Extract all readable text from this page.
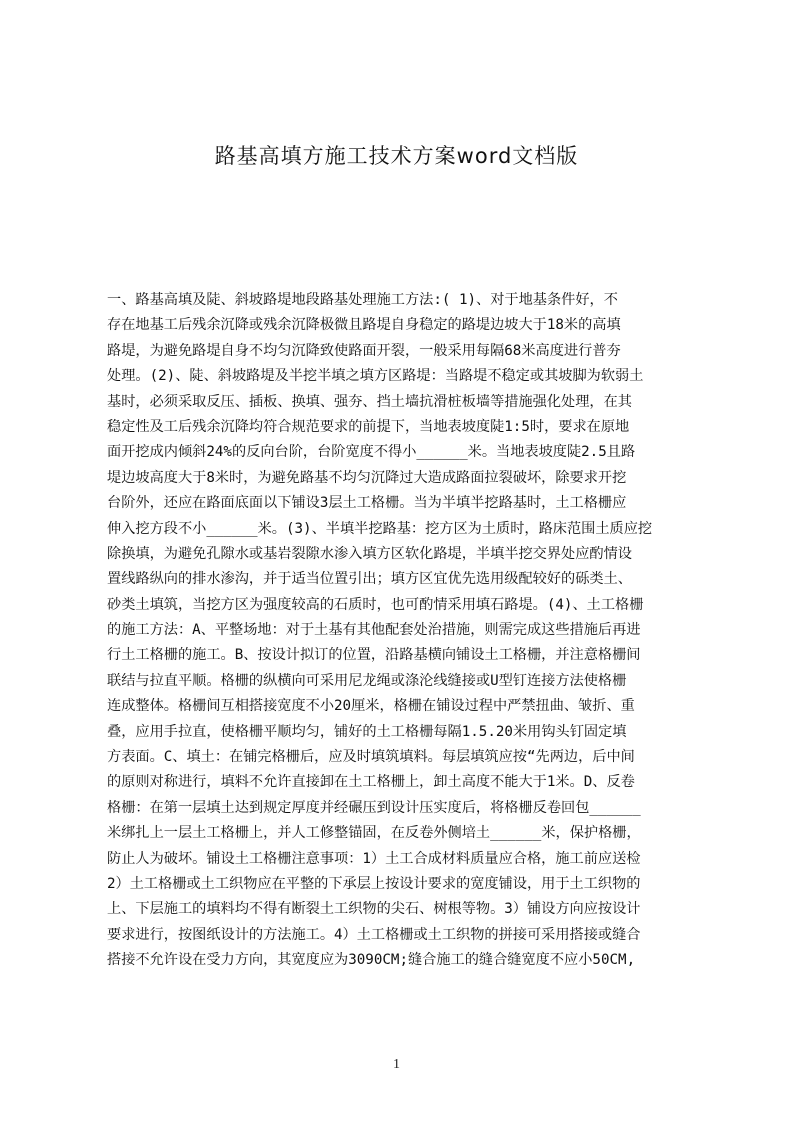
路基高填方施工技术方案word文档版
一、路基高填及陡、斜坡路堤地段路基处理施工方法:( 1)、对于地基条件好，不
存在地基工后残余沉降或残余沉降极微且路堤自身稳定的路堤边坡大于18米的高填
路堤，为避免路堤自身不均匀沉降致使路面开裂，一般采用每隔68米高度进行普夯
处理。(2)、陡、斜坡路堤及半挖半填之填方区路堤：当路堤不稳定或其坡脚为软弱土
基时，必须采取反压、插板、换填、强夯、挡土墙抗滑桩板墙等措施强化处理，在其
稳定性及工后残余沉降均符合规范要求的前提下，当地表坡度陡1:5时，要求在原地
面开挖成内倾斜24%的反向台阶，台阶宽度不得小______米。当地表坡度陡2.5且路
堤边坡高度大于8米时，为避免路基不均匀沉降过大造成路面拉裂破坏，除要求开挖
台阶外，还应在路面底面以下铺设3层土工格栅。当为半填半挖路基时，土工格栅应
伸入挖方段不小______米。(3)、半填半挖路基：挖方区为土质时，路床范围土质应挖
除换填，为避免孔隙水或基岩裂隙水渗入填方区软化路堤，半填半挖交界处应酌情设
置线路纵向的排水渗沟，并于适当位置引出；填方区宜优先选用级配较好的砾类土、
砂类土填筑，当挖方区为强度较高的石质时，也可酌情采用填石路堤。(4)、土工格栅
的施工方法：A、平整场地：对于土基有其他配套处治措施，则需完成这些措施后再进
行土工格栅的施工。B、按设计拟订的位置，沿路基横向铺设土工格栅，并注意格栅间
联结与拉直平顺。格栅的纵横向可采用尼龙绳或涤沦线缝接或U型钉连接方法使格栅
连成整体。格栅间互相搭接宽度不小20厘米，格栅在铺设过程中严禁扭曲、皱折、重
叠，应用手拉直，使格栅平顺均匀，铺好的土工格栅每隔1.5.20米用钩头钉固定填
方表面。C、填土：在铺完格栅后，应及时填筑填料。每层填筑应按“先两边，后中间
的原则对称进行，填料不允许直接卸在土工格栅上，卸土高度不能大于1米。D、反卷
格栅：在第一层填土达到规定厚度并经碾压到设计压实度后，将格栅反卷回包______
米绑扎上一层土工格栅上，并人工修整锚固，在反卷外侧培土______米，保护格栅，
防止人为破坏。铺设土工格栅注意事项：1）土工合成材料质量应合格，施工前应送检
2）土工格栅或土工织物应在平整的下承层上按设计要求的宽度铺设，用于土工织物的
上、下层施工的填料均不得有断裂土工织物的尖石、树根等物。3）铺设方向应按设计
要求进行，按图纸设计的方法施工。4）土工格栅或土工织物的拼接可采用搭接或缝合
搭接不允许设在受力方向，其宽度应为3090CM;缝合施工的缝合缝宽度不应小50CM,
1
